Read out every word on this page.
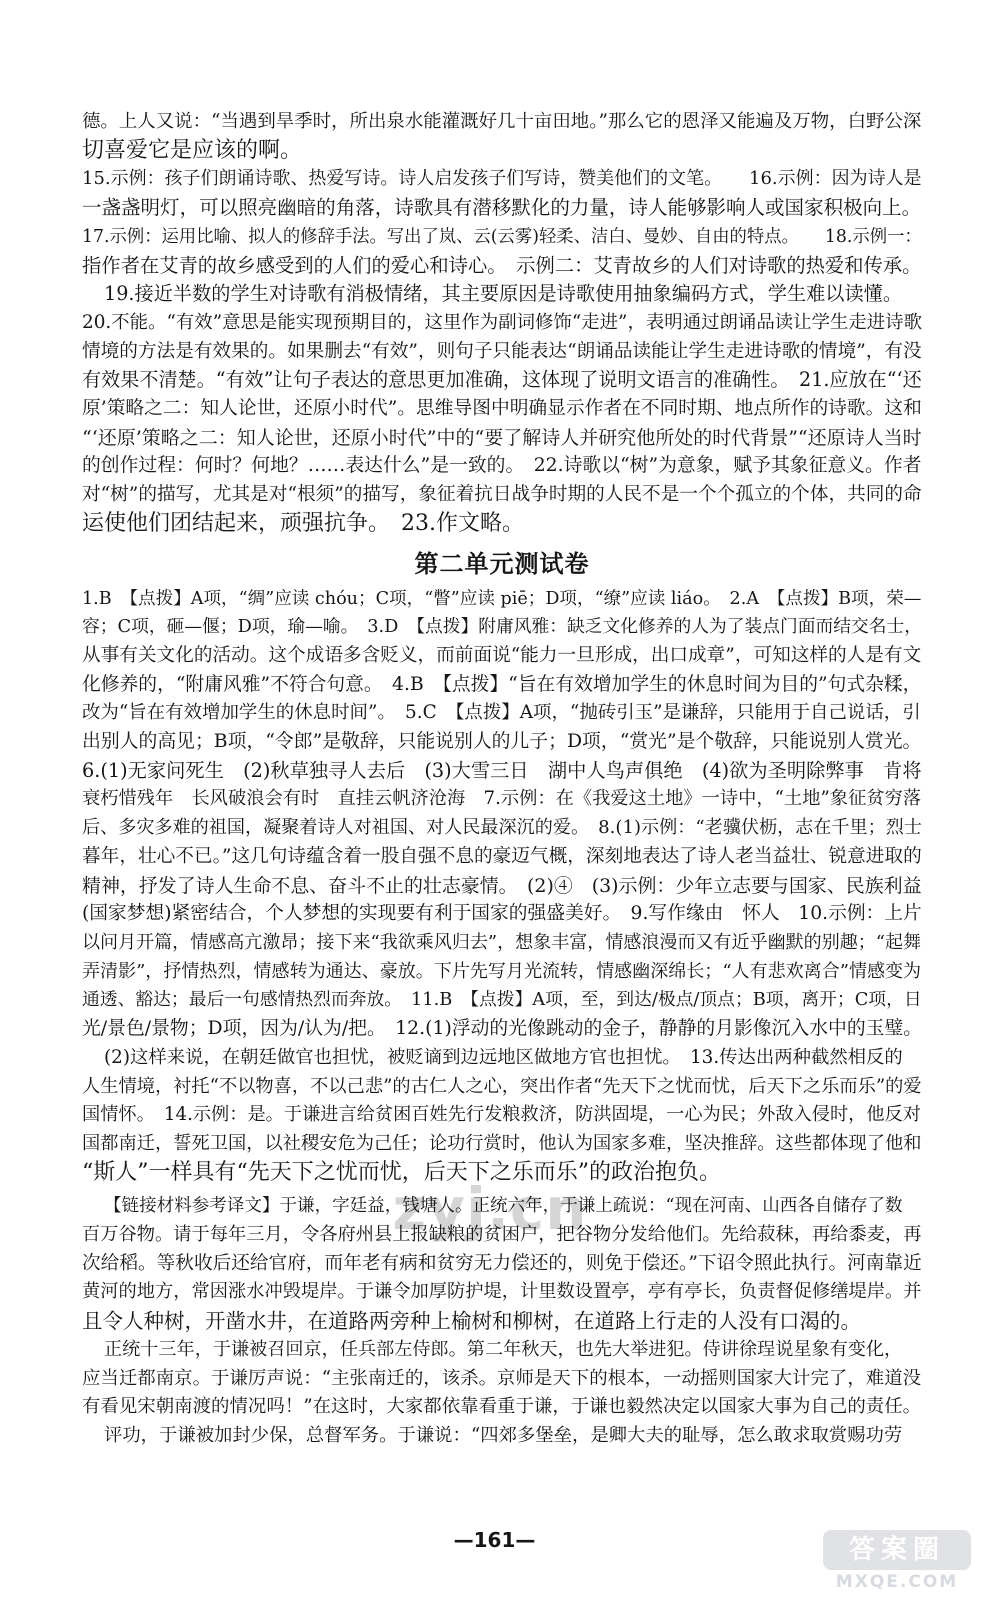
德。上人又说：“当遇到旱季时，所出泉水能灌溉好几十亩田地。”那么它的恩泽又能遍及万物，白野公深
切喜爱它是应该的啊。
15.示例：孩子们朗诵诗歌、热爱写诗。诗人启发孩子们写诗，赞美他们的文笔。　　16.示例：因为诗人是
一盏盏明灯，可以照亮幽暗的角落，诗歌具有潜移默化的力量，诗人能够影响人或国家积极向上。
17.示例：运用比喻、拟人的修辞手法。写出了岚、云(云雾)轻柔、洁白、曼妙、自由的特点。　　18.示例一：
指作者在艾青的故乡感受到的人们的爱心和诗心。　示例二：艾青故乡的人们对诗歌的热爱和传承。
19.接近半数的学生对诗歌有消极情绪，其主要原因是诗歌使用抽象编码方式，学生难以读懂。
20.不能。“有效”意思是能实现预期目的，这里作为副词修饰“走进”，表明通过朗诵品读让学生走进诗歌
情境的方法是有效果的。如果删去“有效”，则句子只能表达“朗诵品读能让学生走进诗歌的情境”，有没
有效果不清楚。“有效”让句子表达的意思更加准确，这体现了说明文语言的准确性。　21.应放在“‘还
原’策略之二：知人论世，还原小时代”。思维导图中明确显示作者在不同时期、地点所作的诗歌。这和
“‘还原’策略之二：知人论世，还原小时代”中的“要了解诗人并研究他所处的时代背景”“还原诗人当时
的创作过程：何时？何地？……表达什么”是一致的。　22.诗歌以“树”为意象，赋予其象征意义。作者
对“树”的描写，尤其是对“根须”的描写，象征着抗日战争时期的人民不是一个个孤立的个体，共同的命
运使他们团结起来，顽强抗争。　23.作文略。
第二单元测试卷
1.B　【点拨】A项，“绸”应读 chóu；C项，“瞥”应读 piē；D项，“缭”应读 liáo。　2.A　【点拨】B项，荣—
容；C项，砸—偃；D项，瑜—喻。　3.D　【点拨】附庸风雅：缺乏文化修养的人为了装点门面而结交名士，
从事有关文化的活动。这个成语多含贬义，而前面说“能力一旦形成，出口成章”，可知这样的人是有文
化修养的，“附庸风雅”不符合句意。　4.B　【点拨】“旨在有效增加学生的休息时间为目的”句式杂糅，
改为“旨在有效增加学生的休息时间”。　5.C　【点拨】A项，“抛砖引玉”是谦辞，只能用于自己说话，引
出别人的高见；B项，“令郎”是敬辞，只能说别人的儿子；D项，“赏光”是个敬辞，只能说别人赏光。
6.(1)无家问死生　(2)秋草独寻人去后　(3)大雪三日　湖中人鸟声俱绝　(4)欲为圣明除弊事　肯将
衰朽惜残年　长风破浪会有时　直挂云帆济沧海　7.示例：在《我爱这土地》一诗中，“土地”象征贫穷落
后、多灾多难的祖国，凝聚着诗人对祖国、对人民最深沉的爱。　8.(1)示例：“老骥伏枥，志在千里；烈士
暮年，壮心不已。”这几句诗蕴含着一股自强不息的豪迈气概，深刻地表达了诗人老当益壮、锐意进取的
精神，抒发了诗人生命不息、奋斗不止的壮志豪情。　(2)④　(3)示例：少年立志要与国家、民族利益
(国家梦想)紧密结合，个人梦想的实现要有利于国家的强盛美好。　9.写作缘由　怀人　10.示例：上片
以问月开篇，情感高亢激昂；接下来“我欲乘风归去”，想象丰富，情感浪漫而又有近乎幽默的别趣；“起舞
弄清影”，抒情热烈，情感转为通达、豪放。下片先写月光流转，情感幽深绵长；“人有悲欢离合”情感变为
通透、豁达；最后一句感情热烈而奔放。　11.B　【点拨】A项，至，到达/极点/顶点；B项，离开；C项，日
光/景色/景物；D项，因为/认为/把。　12.(1)浮动的光像跳动的金子，静静的月影像沉入水中的玉璧。
(2)这样来说，在朝廷做官也担忧，被贬谪到边远地区做地方官也担忧。　13.传达出两种截然相反的
人生情境，衬托“不以物喜，不以己悲”的古仁人之心，突出作者“先天下之忧而忧，后天下之乐而乐”的爱
国情怀。　14.示例：是。于谦进言给贫困百姓先行发粮救济，防洪固堤，一心为民；外敌入侵时，他反对
国都南迁，誓死卫国，以社稷安危为己任；论功行赏时，他认为国家多难，坚决推辞。这些都体现了他和
“斯人”一样具有“先天下之忧而忧，后天下之乐而乐”的政治抱负。
【链接材料参考译文】于谦，字廷益，钱塘人。正统六年，于谦上疏说：“现在河南、山西各自储存了数
百万谷物。请于每年三月，令各府州县上报缺粮的贫困户，把谷物分发给他们。先给菽秣，再给黍麦，再
次给稻。等秋收后还给官府，而年老有病和贫穷无力偿还的，则免于偿还。”下诏令照此执行。河南靠近
黄河的地方，常因涨水冲毁堤岸。于谦令加厚防护堤，计里数设置亭，亭有亭长，负责督促修缮堤岸。并
且令人种树，开凿水井，在道路两旁种上榆树和柳树，在道路上行走的人没有口渴的。
正统十三年，于谦被召回京，任兵部左侍郎。第二年秋天，也先大举进犯。侍讲徐珵说星象有变化，
应当迁都南京。于谦厉声说：“主张南迁的，该杀。京师是天下的根本，一动摇则国家大计完了，难道没
有看见宋朝南渡的情况吗！”在这时，大家都依靠看重于谦，于谦也毅然决定以国家大事为自己的责任。
评功，于谦被加封少保，总督军务。于谦说：“四郊多堡垒，是卿大夫的耻辱，怎么敢求取赏赐功劳
zyj.cn
—161—	答案圈
MXQE.COM
